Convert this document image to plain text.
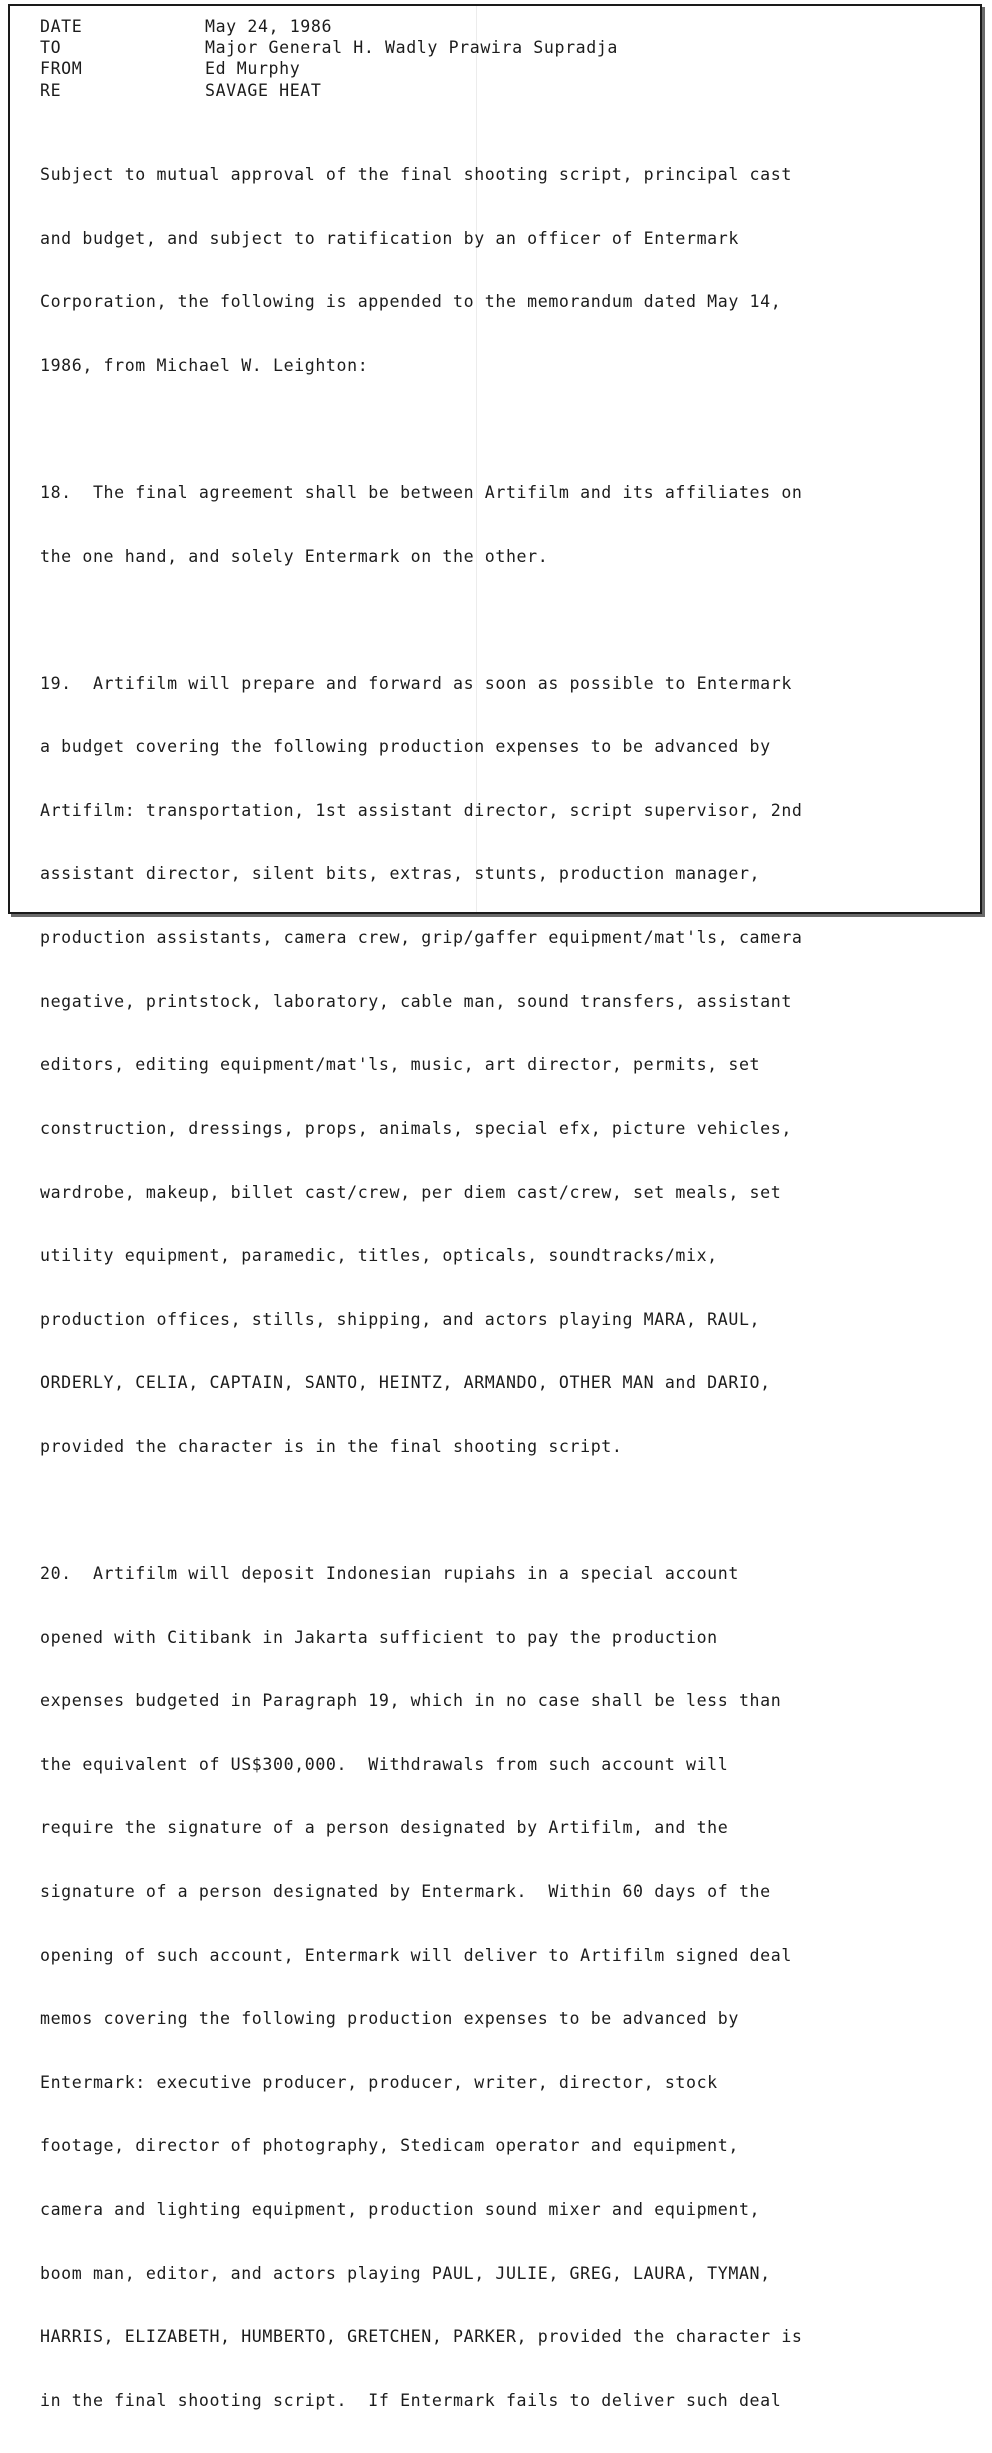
DATE	May 24, 1986
TO	Major General H. Wadly Prawira Supradja
FROM	Ed Murphy
RE	SAVAGE HEAT

Subject to mutual approval of the final shooting script, principal cast

and budget, and subject to ratification by an officer of Entermark

Corporation, the following is appended to the memorandum dated May 14,

1986, from Michael W. Leighton:

18.  The final agreement shall be between Artifilm and its affiliates on

the one hand, and solely Entermark on the other.

19.  Artifilm will prepare and forward as soon as possible to Entermark

a budget covering the following production expenses to be advanced by

Artifilm: transportation, 1st assistant director, script supervisor, 2nd

assistant director, silent bits, extras, stunts, production manager,

production assistants, camera crew, grip/gaffer equipment/mat'ls, camera

negative, printstock, laboratory, cable man, sound transfers, assistant

editors, editing equipment/mat'ls, music, art director, permits, set

construction, dressings, props, animals, special efx, picture vehicles,

wardrobe, makeup, billet cast/crew, per diem cast/crew, set meals, set

utility equipment, paramedic, titles, opticals, soundtracks/mix,

production offices, stills, shipping, and actors playing MARA, RAUL,

ORDERLY, CELIA, CAPTAIN, SANTO, HEINTZ, ARMANDO, OTHER MAN and DARIO,

provided the character is in the final shooting script.

20.  Artifilm will deposit Indonesian rupiahs in a special account

opened with Citibank in Jakarta sufficient to pay the production

expenses budgeted in Paragraph 19, which in no case shall be less than

the equivalent of US$300,000.  Withdrawals from such account will

require the signature of a person designated by Artifilm, and the

signature of a person designated by Entermark.  Within 60 days of the

opening of such account, Entermark will deliver to Artifilm signed deal

memos covering the following production expenses to be advanced by

Entermark: executive producer, producer, writer, director, stock

footage, director of photography, Stedicam operator and equipment,

camera and lighting equipment, production sound mixer and equipment,

boom man, editor, and actors playing PAUL, JULIE, GREG, LAURA, TYMAN,

HARRIS, ELIZABETH, HUMBERTO, GRETCHEN, PARKER, provided the character is

in the final shooting script.  If Entermark fails to deliver such deal
